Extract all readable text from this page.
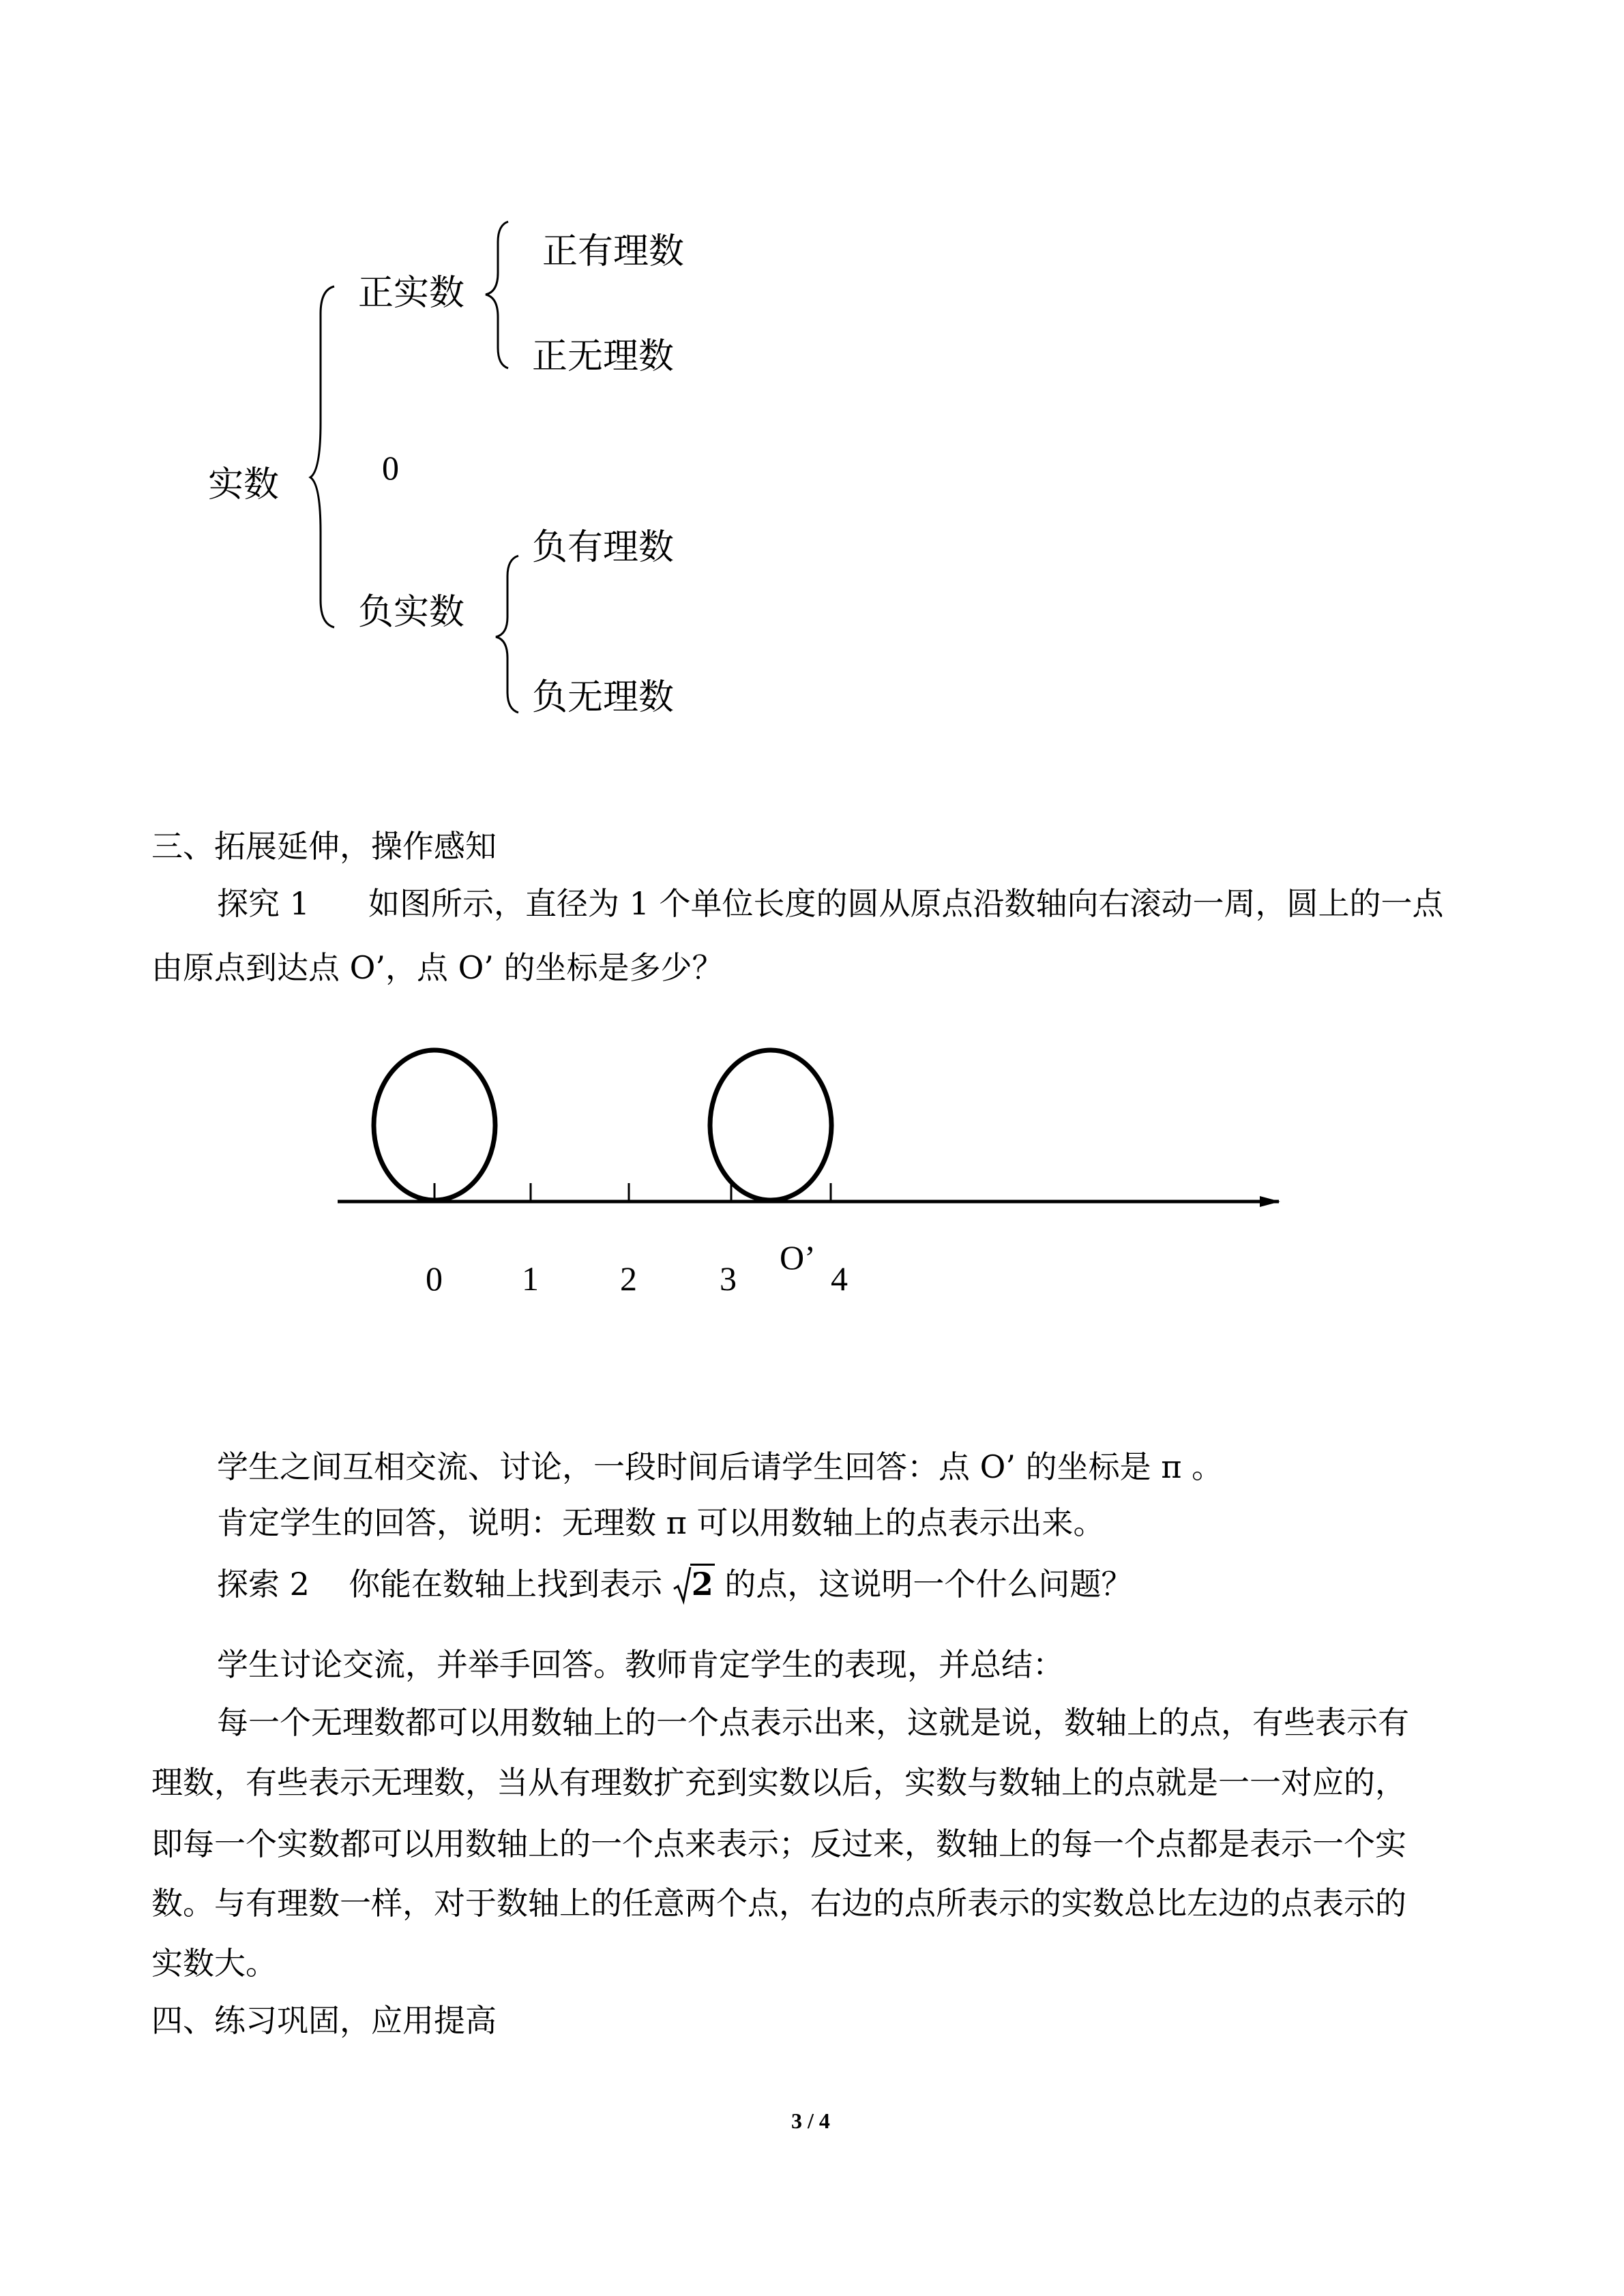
实数
正实数
0
负实数
正有理数
正无理数
负有理数
负无理数
三、拓展延伸，操作感知
探究 1 如图所示，直径为 1 个单位长度的圆从原点沿数轴向右滚动一周，圆上的一点
由原点到达点 O’，点 O’ 的坐标是多少？
0 1 2 3	4
O’
学生之间互相交流、讨论，一段时间后请学生回答：点 O’ 的坐标是 π 。
肯定学生的回答，说明：无理数 π 可以用数轴上的点表示出来。
探索 2 你能在数轴上找到表示 2 的点，这说明一个什么问题？
学生讨论交流，并举手回答。教师肯定学生的表现，并总结：
每一个无理数都可以用数轴上的一个点表示出来，这就是说，数轴上的点，有些表示有
理数，有些表示无理数，当从有理数扩充到实数以后，实数与数轴上的点就是一一对应的，
即每一个实数都可以用数轴上的一个点来表示；反过来，数轴上的每一个点都是表示一个实
数。与有理数一样，对于数轴上的任意两个点，右边的点所表示的实数总比左边的点表示的
实数大。
四、练习巩固，应用提高
3 / 4
